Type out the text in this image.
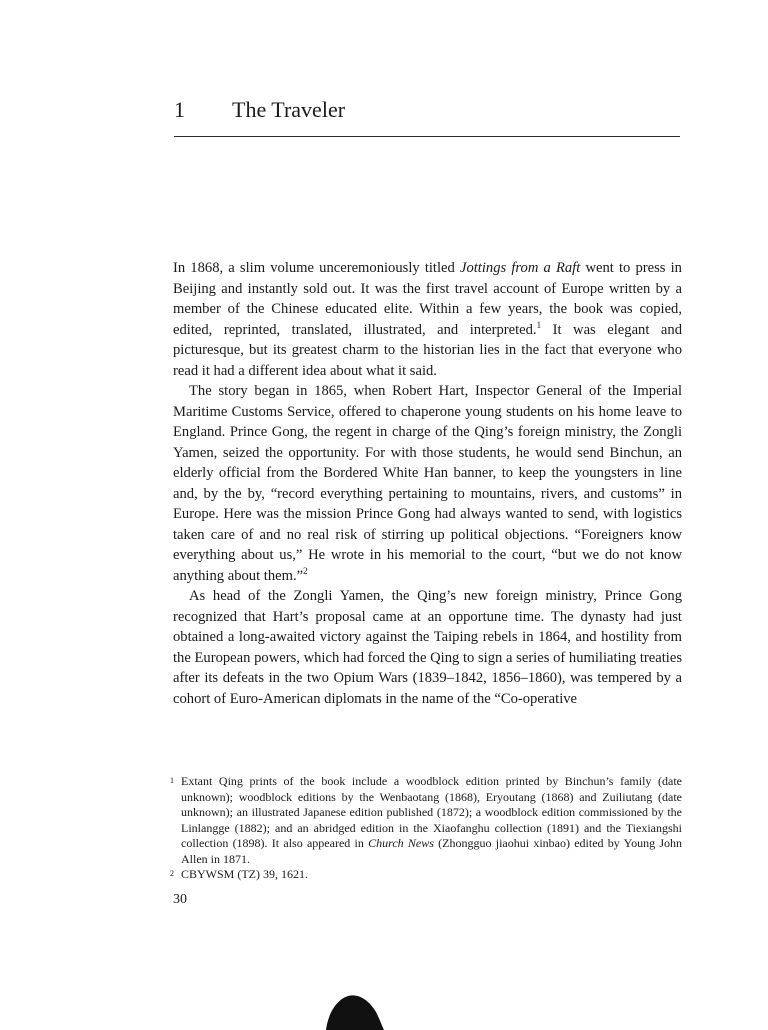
1	The Traveler

In 1868, a slim volume unceremoniously titled Jottings from a Raft went to press in Beijing and instantly sold out. It was the first travel account of Europe written by a member of the Chinese educated elite. Within a few years, the book was copied, edited, reprinted, translated, illustrated, and interpreted.$^1$ It was elegant and picturesque, but its greatest charm to the historian lies in the fact that everyone who read it had a different idea about what it said.

The story began in 1865, when Robert Hart, Inspector General of the Imperial Maritime Customs Service, offered to chaperone young students on his home leave to England. Prince Gong, the regent in charge of the Qing’s foreign ministry, the Zongli Yamen, seized the opportunity. For with those students, he would send Binchun, an elderly official from the Bordered White Han banner, to keep the youngsters in line and, by the by, “record everything pertaining to mountains, rivers, and customs” in Europe. Here was the mission Prince Gong had always wanted to send, with logistics taken care of and no real risk of stirring up political objections. “Foreigners know everything about us,” He wrote in his memorial to the court, “but we do not know anything about them.”$^2$

As head of the Zongli Yamen, the Qing’s new foreign ministry, Prince Gong recognized that Hart’s proposal came at an opportune time. The dynasty had just obtained a long-awaited victory against the Taiping rebels in 1864, and hostility from the European powers, which had forced the Qing to sign a series of humiliating treaties after its defeats in the two Opium Wars (1839–1842, 1856–1860), was tempered by a cohort of Euro-American diplomats in the name of the “Co-operative

1 Extant Qing prints of the book include a woodblock edition printed by Binchun’s family (date unknown); woodblock editions by the Wenbaotang (1868), Eryoutang (1868) and Zuiliutang (date unknown); an illustrated Japanese edition published (1872); a woodblock edition commissioned by the Linlangge (1882); and an abridged edition in the Xiaofanghu collection (1891) and the Tiexiangshi collection (1898). It also appeared in Church News (Zhongguo jiaohui xinbao) edited by Young John Allen in 1871.
2 CBYWSM (TZ) 39, 1621.
30
